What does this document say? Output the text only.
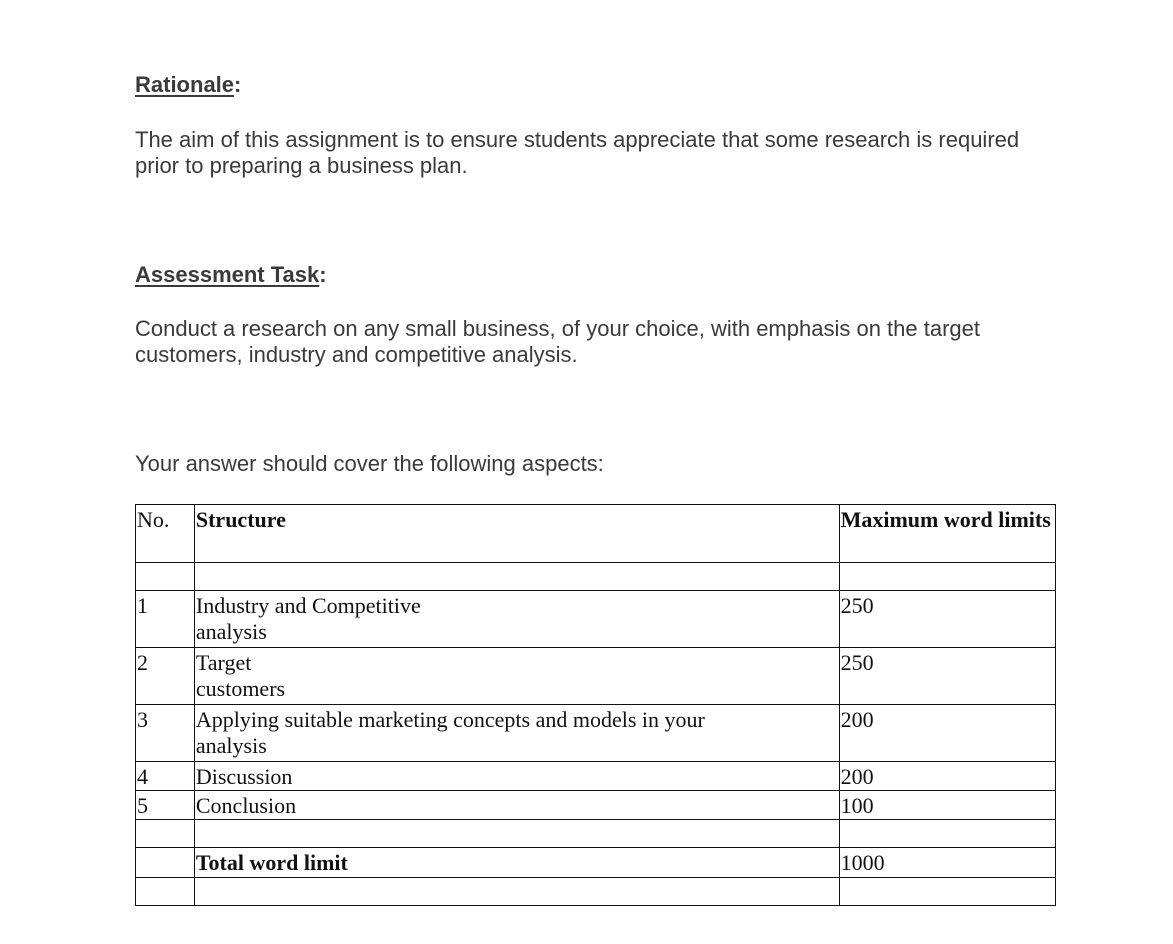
Rationale:
The aim of this assignment is to ensure students appreciate that some research is required prior to preparing a business plan.
Assessment Task:
Conduct a research on any small business, of your choice, with emphasis on the target customers, industry and competitive analysis.
Your answer should cover the following aspects:
No.	Structure	Maximum word limits

1	Industry and Competitive analysis	250
2	Target customers	250
3	Applying suitable marketing concepts and models in your analysis	200
4	Discussion	200
5	Conclusion	100

	Total word limit	1000
